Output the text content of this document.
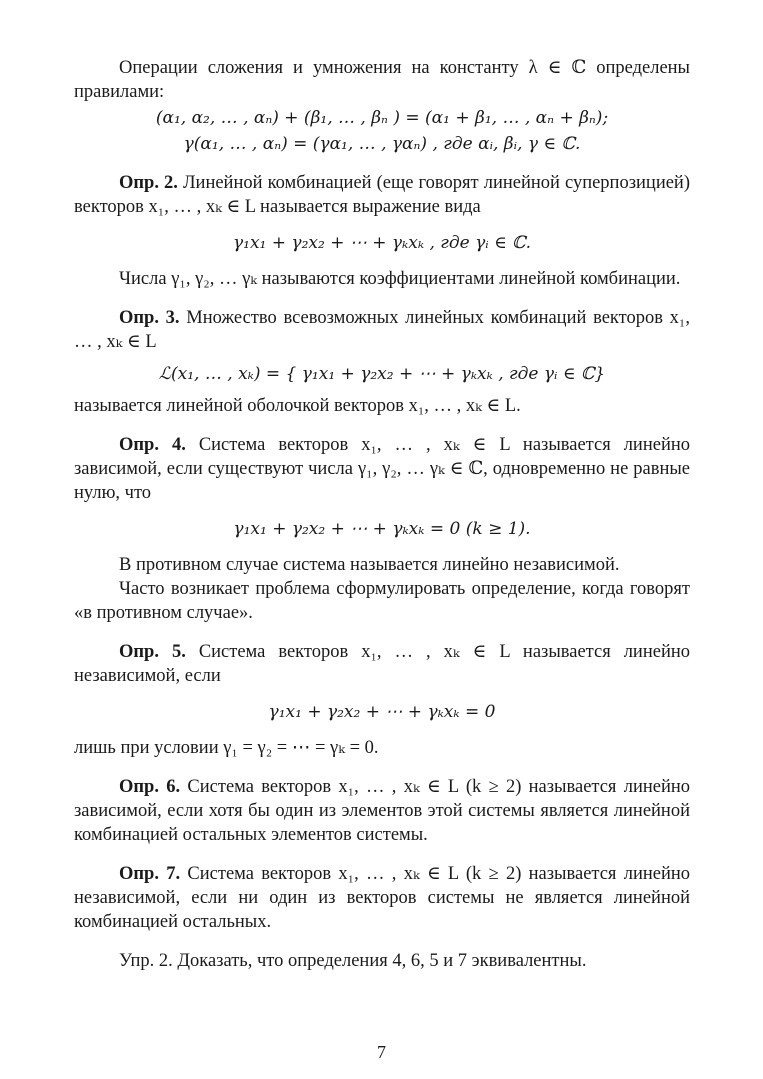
Операции сложения и умножения на константу λ ∈ ℂ определены правилами:

(α₁, α₂, … , αₙ) + (β₁, … , βₙ ) = (α₁ + β₁, … , αₙ + βₙ);
γ(α₁, … , αₙ) = (γα₁, … , γαₙ) , где αᵢ, βᵢ, γ ∈ ℂ.

Опр. 2. Линейной комбинацией (еще говорят линейной суперпозицией) векторов x₁, … , xₖ ∈ L называется выражение вида

γ₁x₁ + γ₂x₂ + ⋯ + γₖxₖ , где γᵢ ∈ ℂ.

Числа γ₁, γ₂, … γₖ называются коэффициентами линейной комбинации.

Опр. 3. Множество всевозможных линейных комбинаций векторов x₁, … , xₖ ∈ L

ℒ(x₁, … , xₖ) = { γ₁x₁ + γ₂x₂ + ⋯ + γₖxₖ , где γᵢ ∈ ℂ}

называется линейной оболочкой векторов x₁, … , xₖ ∈ L.

Опр. 4. Система векторов x₁, … , xₖ ∈ L называется линейно зависимой, если существуют числа γ₁, γ₂, … γₖ ∈ ℂ, одновременно не равные нулю, что

γ₁x₁ + γ₂x₂ + ⋯ + γₖxₖ = 0 (k ≥ 1).

В противном случае система называется линейно независимой.

Часто возникает проблема сформулировать определение, когда говорят «в противном случае».

Опр. 5. Система векторов x₁, … , xₖ ∈ L называется линейно независимой, если

γ₁x₁ + γ₂x₂ + ⋯ + γₖxₖ = 0

лишь при условии γ₁ = γ₂ = ⋯ = γₖ = 0.

Опр. 6. Система векторов x₁, … , xₖ ∈ L (k ≥ 2) называется линейно зависимой, если хотя бы один из элементов этой системы является линейной комбинацией остальных элементов системы.

Опр. 7. Система векторов x₁, … , xₖ ∈ L (k ≥ 2) называется линейно независимой, если ни один из векторов системы не является линейной комбинацией остальных.

Упр. 2. Доказать, что определения 4, 6, 5 и 7 эквивалентны.

7
